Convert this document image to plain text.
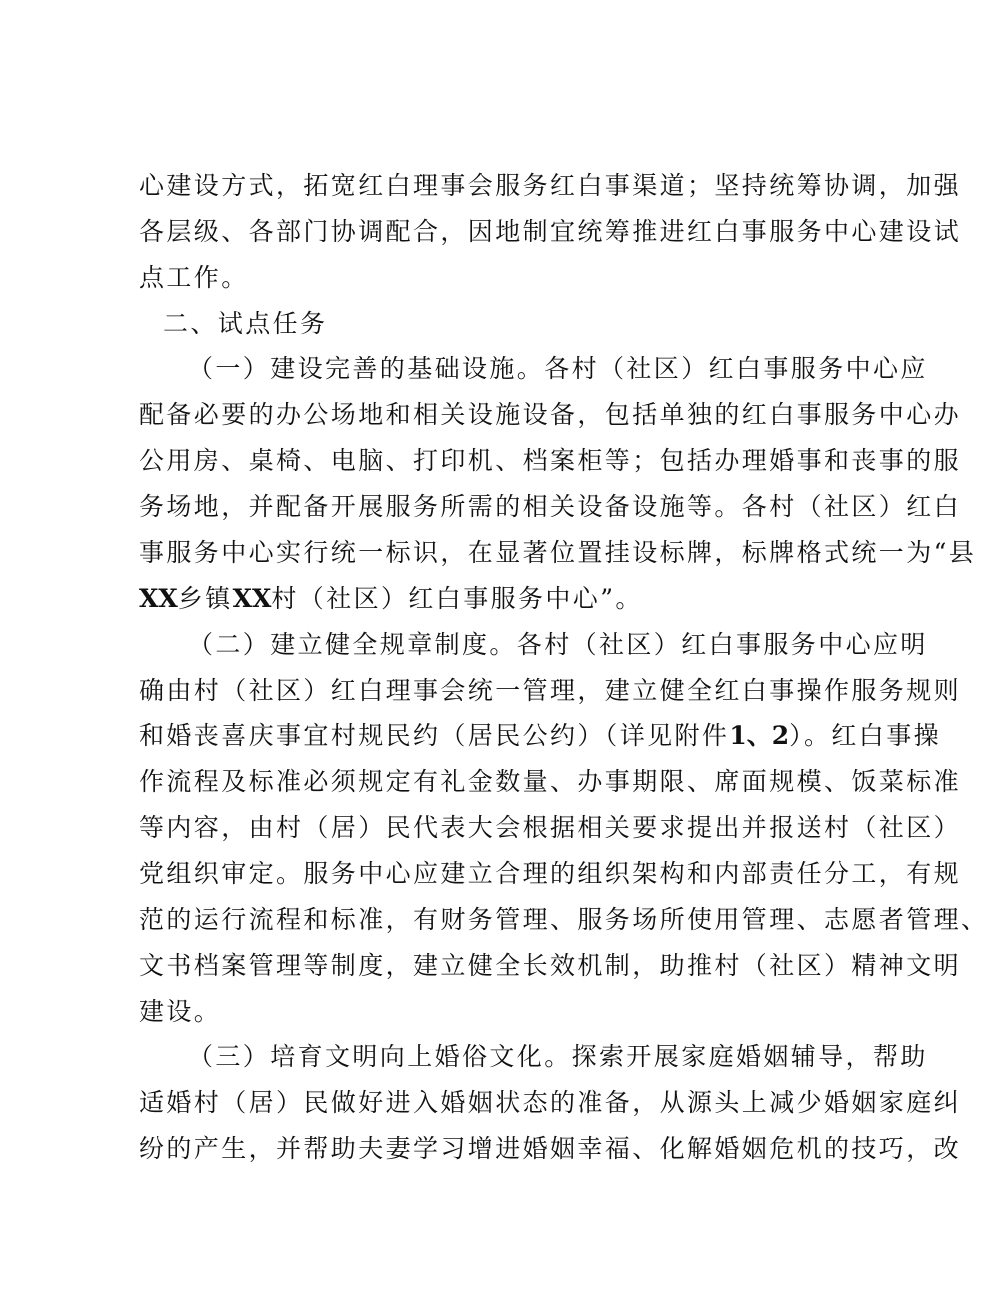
心建设方式，拓宽红白理事会服务红白事渠道；坚持统筹协调，加强
各层级、各部门协调配合，因地制宜统筹推进红白事服务中心建设试
点工作。
二、试点任务
（一）建设完善的基础设施。各村（社区）红白事服务中心应
配备必要的办公场地和相关设施设备，包括单独的红白事服务中心办
公用房、桌椅、电脑、打印机、档案柜等；包括办理婚事和丧事的服
务场地，并配备开展服务所需的相关设备设施等。各村（社区）红白
事服务中心实行统一标识，在显著位置挂设标牌，标牌格式统一为“县
XX乡镇XX村（社区）红白事服务中心”。
（二）建立健全规章制度。各村（社区）红白事服务中心应明
确由村（社区）红白理事会统一管理，建立健全红白事操作服务规则
和婚丧喜庆事宜村规民约（居民公约）（详见附件1、2）。红白事操
作流程及标准必须规定有礼金数量、办事期限、席面规模、饭菜标准
等内容，由村（居）民代表大会根据相关要求提出并报送村（社区）
党组织审定。服务中心应建立合理的组织架构和内部责任分工，有规
范的运行流程和标准，有财务管理、服务场所使用管理、志愿者管理、
文书档案管理等制度，建立健全长效机制，助推村（社区）精神文明
建设。
（三）培育文明向上婚俗文化。探索开展家庭婚姻辅导，帮助
适婚村（居）民做好进入婚姻状态的准备，从源头上减少婚姻家庭纠
纷的产生，并帮助夫妻学习增进婚姻幸福、化解婚姻危机的技巧，改
